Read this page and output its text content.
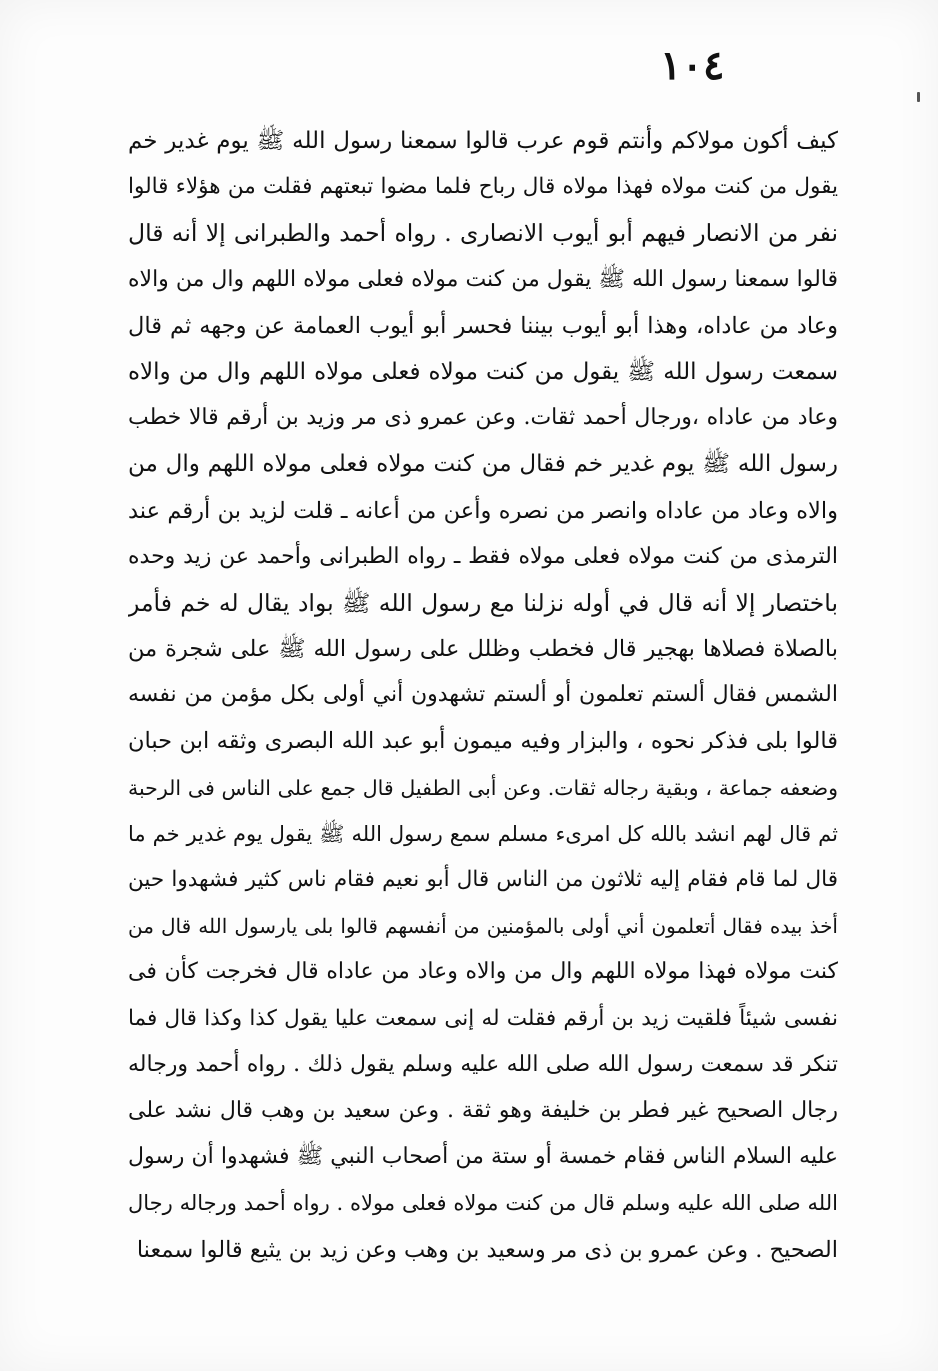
١٠٤
كيف أكون مولاكم وأنتم قوم عرب قالوا سمعنا رسول الله ﷺ يوم غدير خم
يقول من كنت مولاه فهذا مولاه قال رباح فلما مضوا تبعتهم فقلت من هؤلاء قالوا
نفر من الانصار فيهم أبو أيوب الانصارى . رواه أحمد والطبرانى إلا أنه قال
قالوا سمعنا رسول الله ﷺ يقول من كنت مولاه فعلى مولاه اللهم وال من والاه
وعاد من عاداه، وهذا أبو أيوب بيننا فحسر أبو أيوب العمامة عن وجهه ثم قال
سمعت رسول الله ﷺ يقول من كنت مولاه فعلى مولاه اللهم وال من والاه
وعاد من عاداه ،ورجال أحمد ثقات. وعن عمرو ذى مر وزيد بن أرقم قالا خطب
رسول الله ﷺ يوم غدير خم فقال من كنت مولاه فعلى مولاه اللهم وال من
والاه وعاد من عاداه وانصر من نصره وأعن من أعانه ـ قلت لزيد بن أرقم عند
الترمذى من كنت مولاه فعلى مولاه فقط ـ رواه الطبرانى وأحمد عن زيد وحده
باختصار إلا أنه قال في أوله نزلنا مع رسول الله ﷺ بواد يقال له خم فأمر
بالصلاة فصلاها بهجير قال فخطب وظلل على رسول الله ﷺ على شجرة من
الشمس فقال ألستم تعلمون أو ألستم تشهدون أني أولى بكل مؤمن من نفسه
قالوا بلى فذكر نحوه ، والبزار وفيه ميمون أبو عبد الله البصرى وثقه ابن حبان
وضعفه جماعة ، وبقية رجاله ثقات. وعن أبى الطفيل قال جمع على الناس فى الرحبة
ثم قال لهم انشد بالله كل امرىء مسلم سمع رسول الله ﷺ يقول يوم غدير خم ما
قال لما قام فقام إليه ثلاثون من الناس قال أبو نعيم فقام ناس كثير فشهدوا حين
أخذ بيده فقال أتعلمون أني أولى بالمؤمنين من أنفسهم قالوا بلى يارسول الله قال من
كنت مولاه فهذا مولاه اللهم وال من والاه وعاد من عاداه قال فخرجت كأن فى
نفسى شيئاً فلقيت زيد بن أرقم فقلت له إنى سمعت عليا يقول كذا وكذا قال فما
تنكر قد سمعت رسول الله صلى الله عليه وسلم يقول ذلك . رواه أحمد ورجاله
رجال الصحيح غير فطر بن خليفة وهو ثقة . وعن سعيد بن وهب قال نشد على
عليه السلام الناس فقام خمسة أو ستة من أصحاب النبي ﷺ فشهدوا أن رسول
الله صلى الله عليه وسلم قال من كنت مولاه فعلى مولاه . رواه أحمد ورجاله رجال
الصحيح . وعن عمرو بن ذى مر وسعيد بن وهب وعن زيد بن يثيع قالوا سمعنا
